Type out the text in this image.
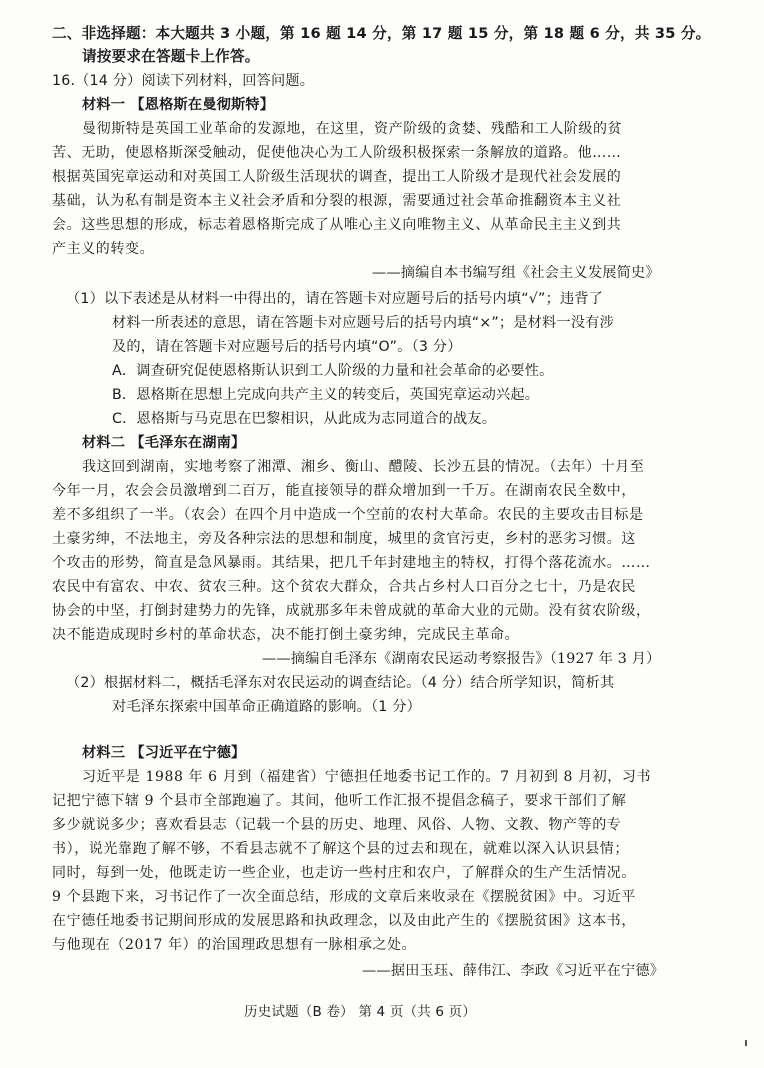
二、非选择题：本大题共 3 小题，第 16 题 14 分，第 17 题 15 分，第 18 题 6 分，共 35 分。
请按要求在答题卡上作答。
16.（14 分）阅读下列材料，回答问题。
材料一 【恩格斯在曼彻斯特】
曼彻斯特是英国工业革命的发源地，在这里，资产阶级的贪婪、残酷和工人阶级的贫
苦、无助，使恩格斯深受触动，促使他决心为工人阶级积极探索一条解放的道路。他……
根据英国宪章运动和对英国工人阶级生活现状的调查，提出工人阶级才是现代社会发展的
基础，认为私有制是资本主义社会矛盾和分裂的根源，需要通过社会革命推翻资本主义社
会。这些思想的形成，标志着恩格斯完成了从唯心主义向唯物主义、从革命民主主义到共
产主义的转变。
——摘编自本书编写组《社会主义发展简史》
（1）以下表述是从材料一中得出的，请在答题卡对应题号后的括号内填“√”；违背了
材料一所表述的意思，请在答题卡对应题号后的括号内填“×”；是材料一没有涉
及的，请在答题卡对应题号后的括号内填“O”。（3 分）
A．调查研究促使恩格斯认识到工人阶级的力量和社会革命的必要性。
B．恩格斯在思想上完成向共产主义的转变后，英国宪章运动兴起。
C．恩格斯与马克思在巴黎相识，从此成为志同道合的战友。
材料二 【毛泽东在湖南】
我这回到湖南，实地考察了湘潭、湘乡、衡山、醴陵、长沙五县的情况。（去年）十月至
今年一月，农会会员激增到二百万，能直接领导的群众增加到一千万。在湖南农民全数中，
差不多组织了一半。（农会）在四个月中造成一个空前的农村大革命。农民的主要攻击目标是
土豪劣绅，不法地主，旁及各种宗法的思想和制度，城里的贪官污吏，乡村的恶劣习惯。这
个攻击的形势，简直是急风暴雨。其结果，把几千年封建地主的特权，打得个落花流水。……
农民中有富农、中农、贫农三种。这个贫农大群众，合共占乡村人口百分之七十，乃是农民
协会的中坚，打倒封建势力的先锋，成就那多年未曾成就的革命大业的元勋。没有贫农阶级，
决不能造成现时乡村的革命状态，决不能打倒土豪劣绅，完成民主革命。
——摘编自毛泽东《湖南农民运动考察报告》（1927 年 3 月）
（2）根据材料二，概括毛泽东对农民运动的调查结论。（4 分）结合所学知识，简析其
对毛泽东探索中国革命正确道路的影响。（1 分）
材料三 【习近平在宁德】
习近平是 1988 年 6 月到（福建省）宁德担任地委书记工作的。7 月初到 8 月初，习书
记把宁德下辖 9 个县市全部跑遍了。其间，他听工作汇报不提倡念稿子，要求干部们了解
多少就说多少；喜欢看县志（记载一个县的历史、地理、风俗、人物、文教、物产等的专
书），说光靠跑了解不够，不看县志就不了解这个县的过去和现在，就难以深入认识县情；
同时，每到一处，他既走访一些企业，也走访一些村庄和农户，了解群众的生产生活情况。
9 个县跑下来，习书记作了一次全面总结，形成的文章后来收录在《摆脱贫困》中。习近平
在宁德任地委书记期间形成的发展思路和执政理念，以及由此产生的《摆脱贫困》这本书，
与他现在（2017 年）的治国理政思想有一脉相承之处。
——据田玉珏、薛伟江、李政《习近平在宁德》
历史试题（B 卷） 第 4 页（共 6 页）
